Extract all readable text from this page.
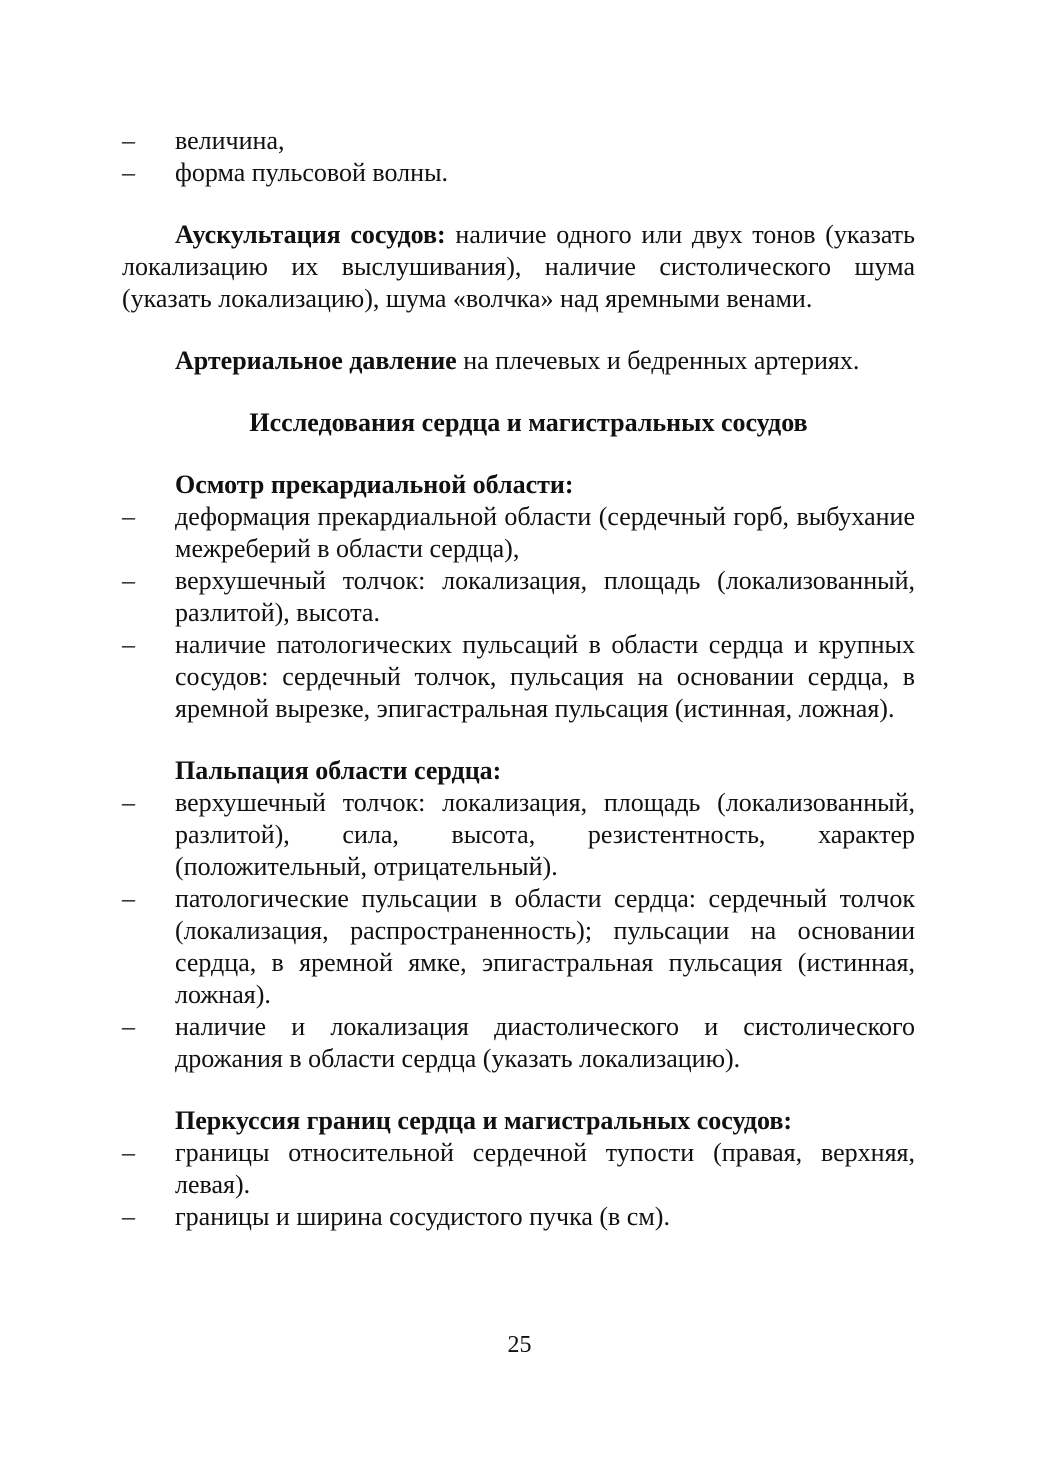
– величина,
– форма пульсовой волны.

Аускультация сосудов: наличие одного или двух тонов (указать локализацию их выслушивания), наличие систолического шума (указать локализацию), шума «волчка» над яремными венами.

Артериальное давление на плечевых и бедренных артериях.

Исследования сердца и магистральных сосудов

Осмотр прекардиальной области:

– деформация прекардиальной области (сердечный горб, выбухание межреберий в области сердца),
– верхушечный толчок: локализация, площадь (локализованный, разлитой), высота.
– наличие патологических пульсаций в области сердца и крупных сосудов: сердечный толчок, пульсация на основании сердца, в яремной вырезке, эпигастральная пульсация (истинная, ложная).

Пальпация области сердца:

– верхушечный толчок: локализация, площадь (локализованный, разлитой), сила, высота, резистентность, характер (положительный, отрицательный).
– патологические пульсации в области сердца: сердечный толчок (локализация, распространенность); пульсации на основании сердца, в яремной ямке, эпигастральная пульсация (истинная, ложная).
– наличие и локализация диастолического и систолического дрожания в области сердца (указать локализацию).

Перкуссия границ сердца и магистральных сосудов:

– границы относительной сердечной тупости (правая, верхняя, левая).
– границы и ширина сосудистого пучка (в см).
25
